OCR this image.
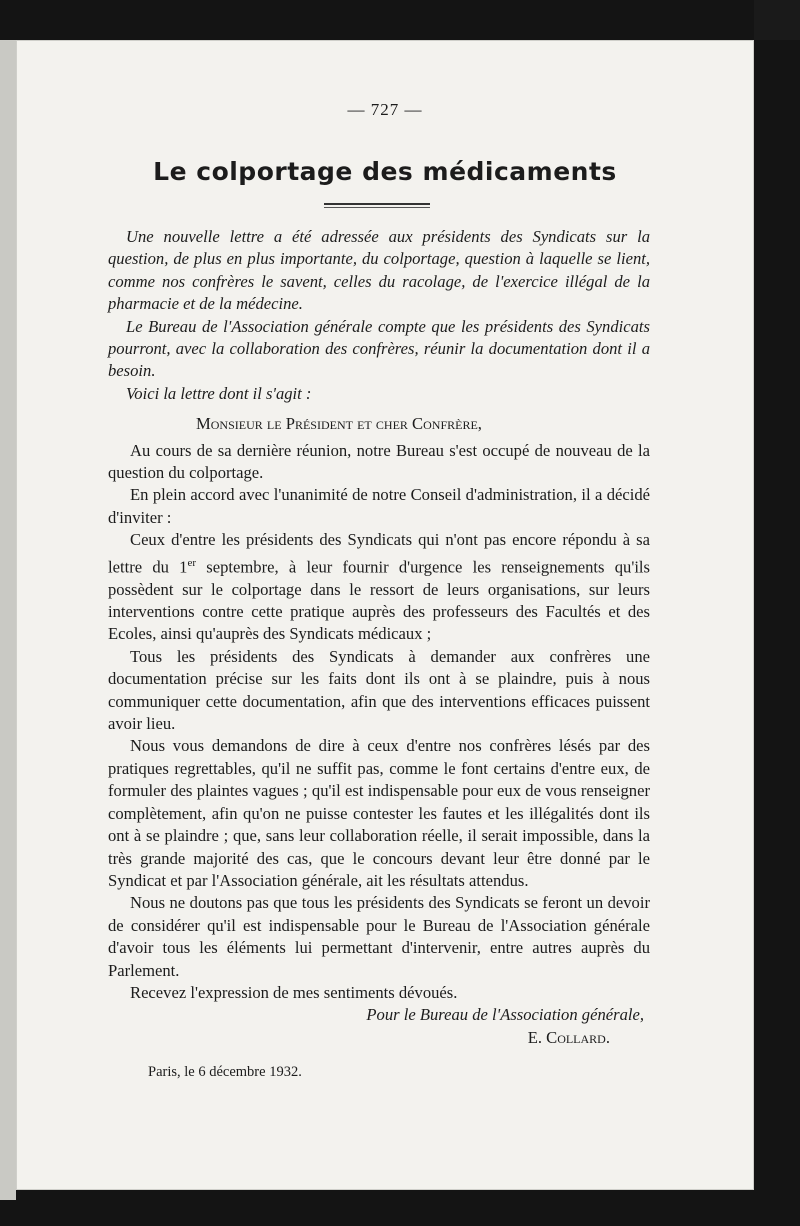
— 727 —
Le colportage des médicaments

Une nouvelle lettre a été adressée aux présidents des Syndicats sur la question, de plus en plus importante, du colportage, question à laquelle se lient, comme nos confrères le savent, celles du racolage, de l'exercice illégal de la pharmacie et de la médecine.

Le Bureau de l'Association générale compte que les présidents des Syndicats pourront, avec la collaboration des confrères, réunir la documentation dont il a besoin.

Voici la lettre dont il s'agit :

Monsieur le Président et cher Confrère,

Au cours de sa dernière réunion, notre Bureau s'est occupé de nouveau de la question du colportage.

En plein accord avec l'unanimité de notre Conseil d'administration, il a décidé d'inviter :

Ceux d'entre les présidents des Syndicats qui n'ont pas encore répondu à sa lettre du 1er septembre, à leur fournir d'urgence les renseignements qu'ils possèdent sur le colportage dans le ressort de leurs organisations, sur leurs interventions contre cette pratique auprès des professeurs des Facultés et des Ecoles, ainsi qu'auprès des Syndicats médicaux ;

Tous les présidents des Syndicats à demander aux confrères une documentation précise sur les faits dont ils ont à se plaindre, puis à nous communiquer cette documentation, afin que des interventions efficaces puissent avoir lieu.

Nous vous demandons de dire à ceux d'entre nos confrères lésés par des pratiques regrettables, qu'il ne suffit pas, comme le font certains d'entre eux, de formuler des plaintes vagues ; qu'il est indispensable pour eux de vous renseigner complètement, afin qu'on ne puisse contester les fautes et les illégalités dont ils ont à se plaindre ; que, sans leur collaboration réelle, il serait impossible, dans la très grande majorité des cas, que le concours devant leur être donné par le Syndicat et par l'Association générale, ait les résultats attendus.

Nous ne doutons pas que tous les présidents des Syndicats se feront un devoir de considérer qu'il est indispensable pour le Bureau de l'Association générale d'avoir tous les éléments lui permettant d'intervenir, entre autres auprès du Parlement.

Recevez l'expression de mes sentiments dévoués.

Pour le Bureau de l'Association générale,

E. Collard.

Paris, le 6 décembre 1932.
